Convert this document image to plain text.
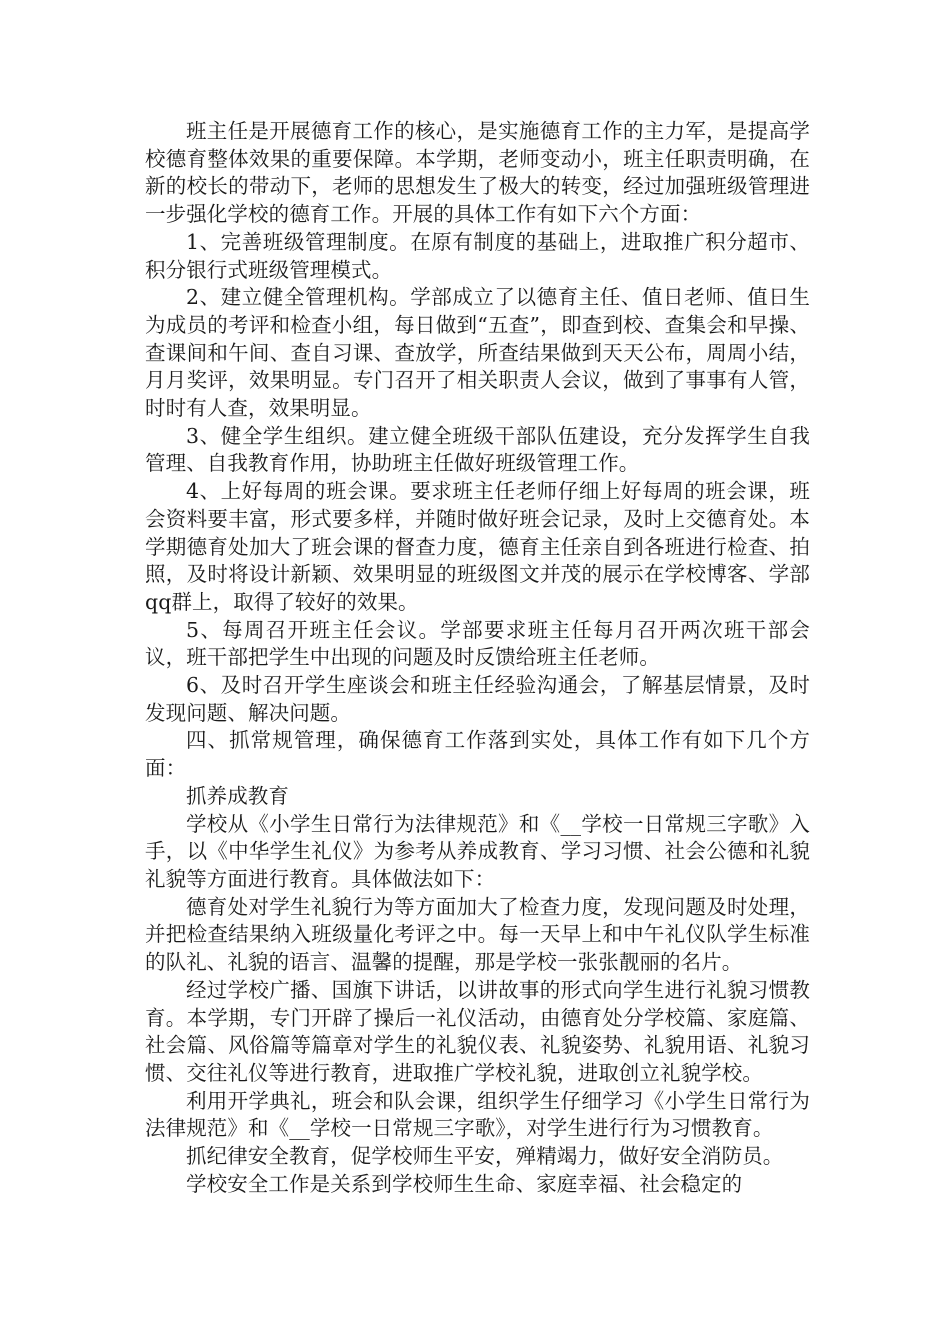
班主任是开展德育工作的核心，是实施德育工作的主力军，是提高学校德育整体效果的重要保障。本学期，老师变动小，班主任职责明确，在新的校长的带动下，老师的思想发生了极大的转变，经过加强班级管理进一步强化学校的德育工作。开展的具体工作有如下六个方面：

1、完善班级管理制度。在原有制度的基础上，进取推广积分超市、积分银行式班级管理模式。

2、建立健全管理机构。学部成立了以德育主任、值日老师、值日生为成员的考评和检查小组，每日做到“五查”，即查到校、查集会和早操、查课间和午间、查自习课、查放学，所查结果做到天天公布，周周小结，月月奖评，效果明显。专门召开了相关职责人会议，做到了事事有人管，时时有人查，效果明显。

3、健全学生组织。建立健全班级干部队伍建设，充分发挥学生自我管理、自我教育作用，协助班主任做好班级管理工作。

4、上好每周的班会课。要求班主任老师仔细上好每周的班会课，班会资料要丰富，形式要多样，并随时做好班会记录，及时上交德育处。本学期德育处加大了班会课的督查力度，德育主任亲自到各班进行检查、拍照，及时将设计新颖、效果明显的班级图文并茂的展示在学校博客、学部qq群上，取得了较好的效果。

5、每周召开班主任会议。学部要求班主任每月召开两次班干部会议，班干部把学生中出现的问题及时反馈给班主任老师。

6、及时召开学生座谈会和班主任经验沟通会，了解基层情景，及时发现问题、解决问题。

四、抓常规管理，确保德育工作落到实处，具体工作有如下几个方面：

抓养成教育

学校从《小学生日常行为法律规范》和《__学校一日常规三字歌》入手，以《中华学生礼仪》为参考从养成教育、学习习惯、社会公德和礼貌礼貌等方面进行教育。具体做法如下：

德育处对学生礼貌行为等方面加大了检查力度，发现问题及时处理，并把检查结果纳入班级量化考评之中。每一天早上和中午礼仪队学生标准的队礼、礼貌的语言、温馨的提醒，那是学校一张张靓丽的名片。

经过学校广播、国旗下讲话，以讲故事的形式向学生进行礼貌习惯教育。本学期，专门开辟了操后一礼仪活动，由德育处分学校篇、家庭篇、社会篇、风俗篇等篇章对学生的礼貌仪表、礼貌姿势、礼貌用语、礼貌习惯、交往礼仪等进行教育，进取推广学校礼貌，进取创立礼貌学校。

利用开学典礼，班会和队会课，组织学生仔细学习《小学生日常行为法律规范》和《__学校一日常规三字歌》，对学生进行行为习惯教育。

抓纪律安全教育，促学校师生平安，殚精竭力，做好安全消防员。

学校安全工作是关系到学校师生生命、家庭幸福、社会稳定的
